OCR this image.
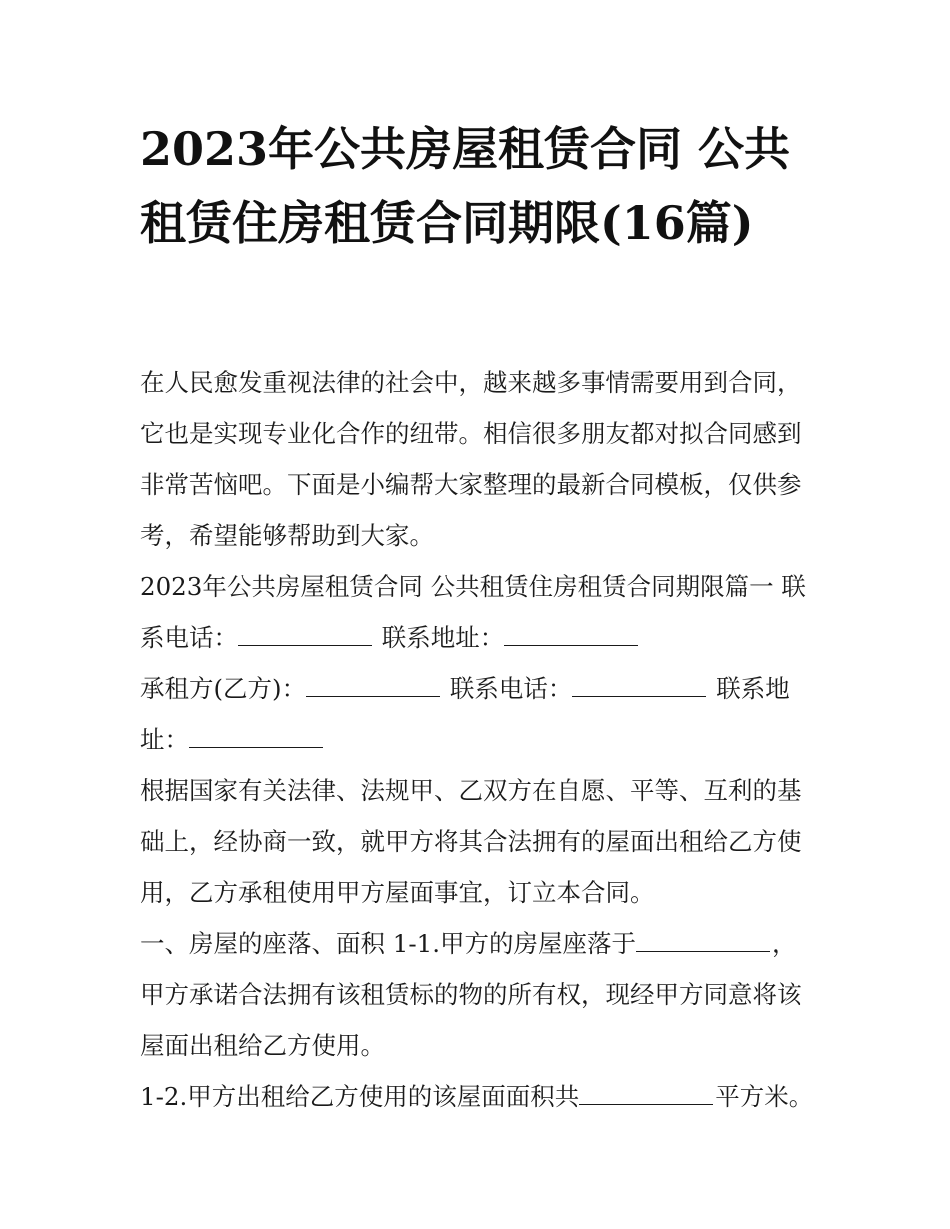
2023年公共房屋租赁合同 公共租赁住房租赁合同期限(16篇)

在人民愈发重视法律的社会中，越来越多事情需要用到合同，它也是实现专业化合作的纽带。相信很多朋友都对拟合同感到非常苦恼吧。下面是小编帮大家整理的最新合同模板，仅供参考，希望能够帮助到大家。

2023年公共房屋租赁合同 公共租赁住房租赁合同期限篇一 联系电话：	联系地址：

承租方(乙方)：	联系电话：	联系地址：

根据国家有关法律、法规甲、乙双方在自愿、平等、互利的基础上，经协商一致，就甲方将其合法拥有的屋面出租给乙方使用，乙方承租使用甲方屋面事宜，订立本合同。

一、房屋的座落、面积 1-1.甲方的房屋座落于	，甲方承诺合法拥有该租赁标的物的所有权，现经甲方同意将该屋面出租给乙方使用。

1-2.甲方出租给乙方使用的该屋面面积共	平方米。
